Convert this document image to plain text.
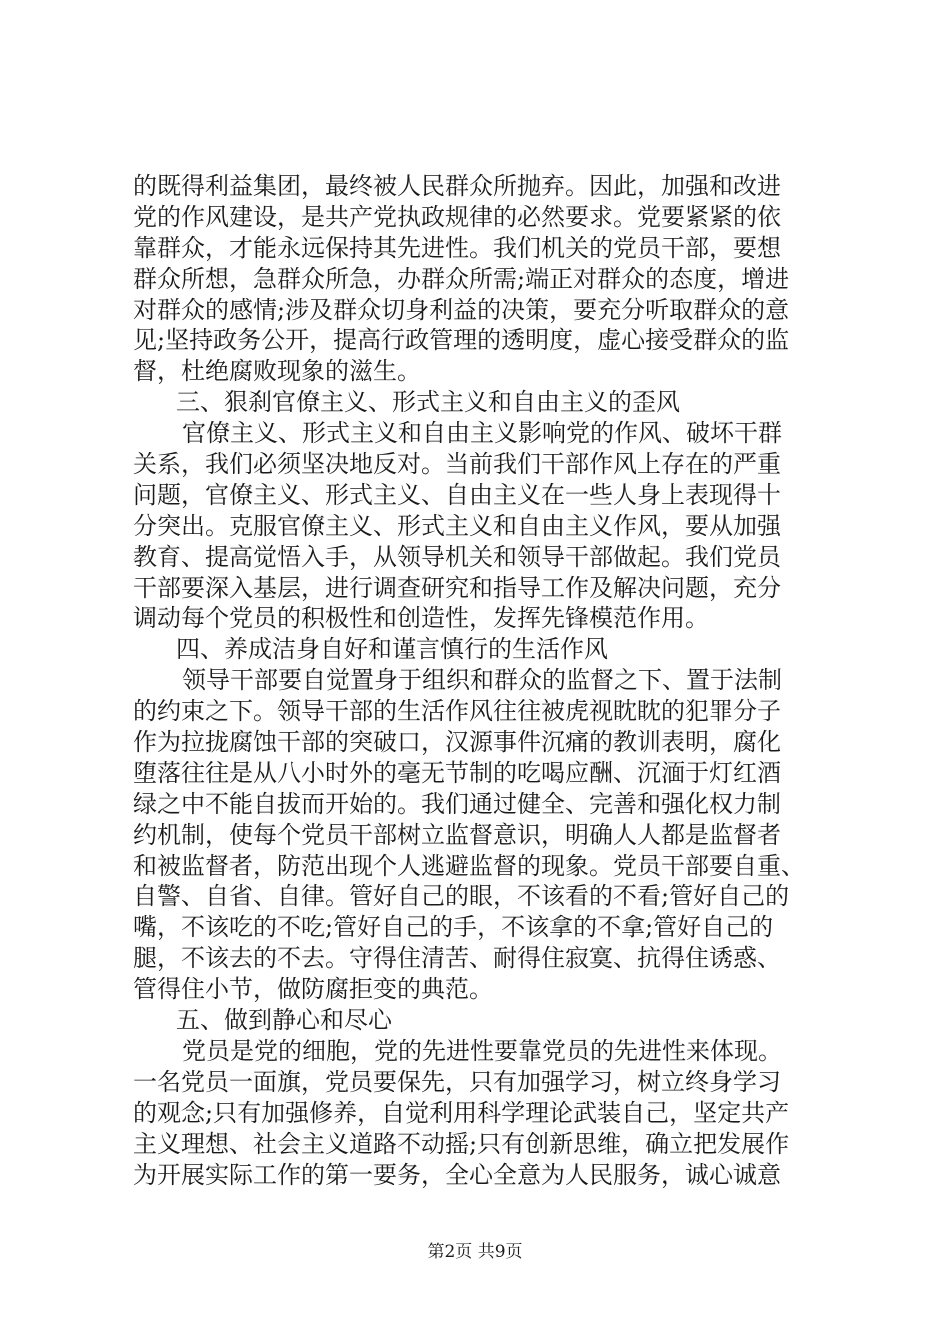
的既得利益集团，最终被人民群众所抛弃。因此，加强和改进
党的作风建设，是共产党执政规律的必然要求。党要紧紧的依
靠群众，才能永远保持其先进性。我们机关的党员干部，要想
群众所想，急群众所急，办群众所需;端正对群众的态度，增进
对群众的感情;涉及群众切身利益的决策，要充分听取群众的意
见;坚持政务公开，提高行政管理的透明度，虚心接受群众的监
督，杜绝腐败现象的滋生。
三、狠刹官僚主义、形式主义和自由主义的歪风
官僚主义、形式主义和自由主义影响党的作风、破坏干群
关系，我们必须坚决地反对。当前我们干部作风上存在的严重
问题，官僚主义、形式主义、自由主义在一些人身上表现得十
分突出。克服官僚主义、形式主义和自由主义作风，要从加强
教育、提高觉悟入手，从领导机关和领导干部做起。我们党员
干部要深入基层，进行调查研究和指导工作及解决问题，充分
调动每个党员的积极性和创造性，发挥先锋模范作用。
四、养成洁身自好和谨言慎行的生活作风
领导干部要自觉置身于组织和群众的监督之下、置于法制
的约束之下。领导干部的生活作风往往被虎视眈眈的犯罪分子
作为拉拢腐蚀干部的突破口，汉源事件沉痛的教训表明，腐化
堕落往往是从八小时外的毫无节制的吃喝应酬、沉湎于灯红酒
绿之中不能自拔而开始的。我们通过健全、完善和强化权力制
约机制，使每个党员干部树立监督意识，明确人人都是监督者
和被监督者，防范出现个人逃避监督的现象。党员干部要自重、
自警、自省、自律。管好自己的眼，不该看的不看;管好自己的
嘴，不该吃的不吃;管好自己的手，不该拿的不拿;管好自己的
腿，不该去的不去。守得住清苦、耐得住寂寞、抗得住诱惑、
管得住小节，做防腐拒变的典范。
五、做到静心和尽心
党员是党的细胞，党的先进性要靠党员的先进性来体现。
一名党员一面旗，党员要保先，只有加强学习，树立终身学习
的观念;只有加强修养，自觉利用科学理论武装自己，坚定共产
主义理想、社会主义道路不动摇;只有创新思维，确立把发展作
为开展实际工作的第一要务，全心全意为人民服务，诚心诚意
第2页 共9页
